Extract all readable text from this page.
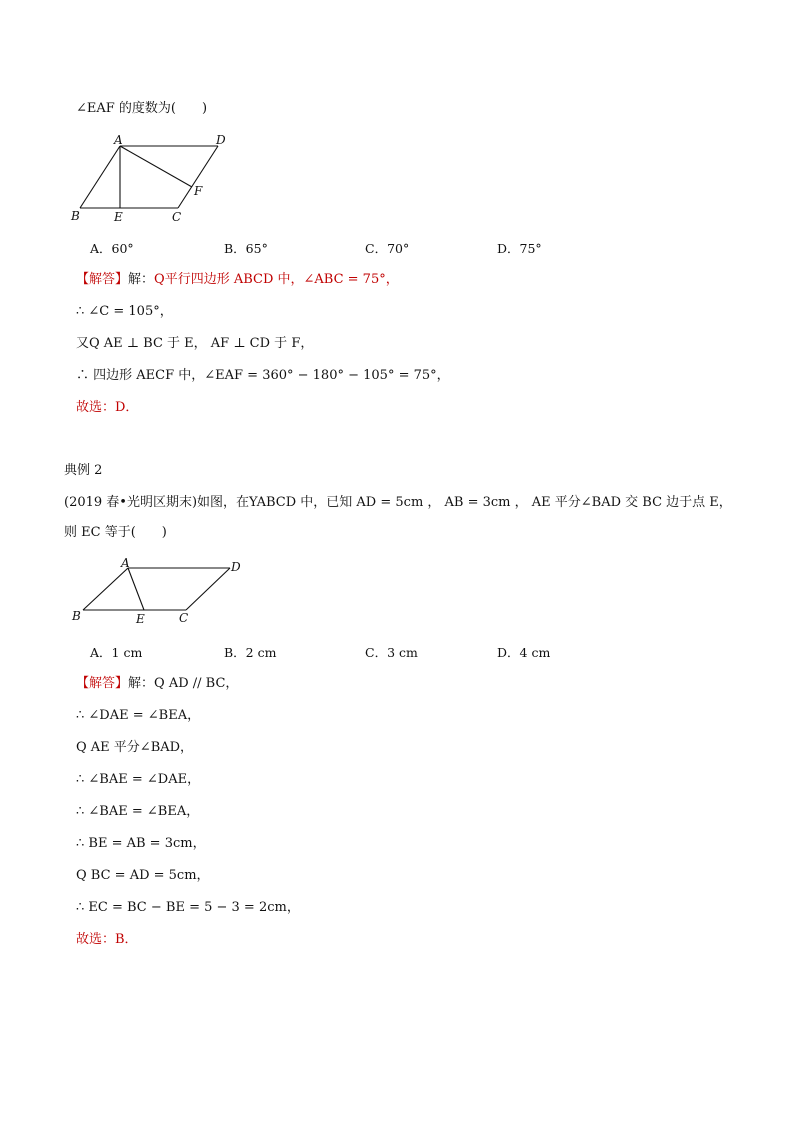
∠EAF 的度数为(　　)
A	D
B	E	C
F
A．60°	B．65°	C．70°	D．75°
【解答】解：Q平行四边形 ABCD 中，∠ABC = 75°，
∴ ∠C = 105°，
又Q AE ⊥ BC 于 E， AF ⊥ CD 于 F，
∴ 四边形 AECF 中，∠EAF = 360° − 180° − 105° = 75°，
故选：D．
典例 2
(2019 春•光明区期末)如图，在YABCD 中，已知 AD = 5cm ， AB = 3cm ， AE 平分∠BAD 交 BC 边于点 E，
则 EC 等于(　　)
A	D
B	E	C
A．1 cm	B．2 cm	C．3 cm	D．4 cm
【解答】解：Q AD // BC，
∴ ∠DAE = ∠BEA，
Q AE 平分∠BAD，
∴ ∠BAE = ∠DAE，
∴ ∠BAE = ∠BEA，
∴ BE = AB = 3cm，
Q BC = AD = 5cm，
∴ EC = BC − BE = 5 − 3 = 2cm，
故选：B．
